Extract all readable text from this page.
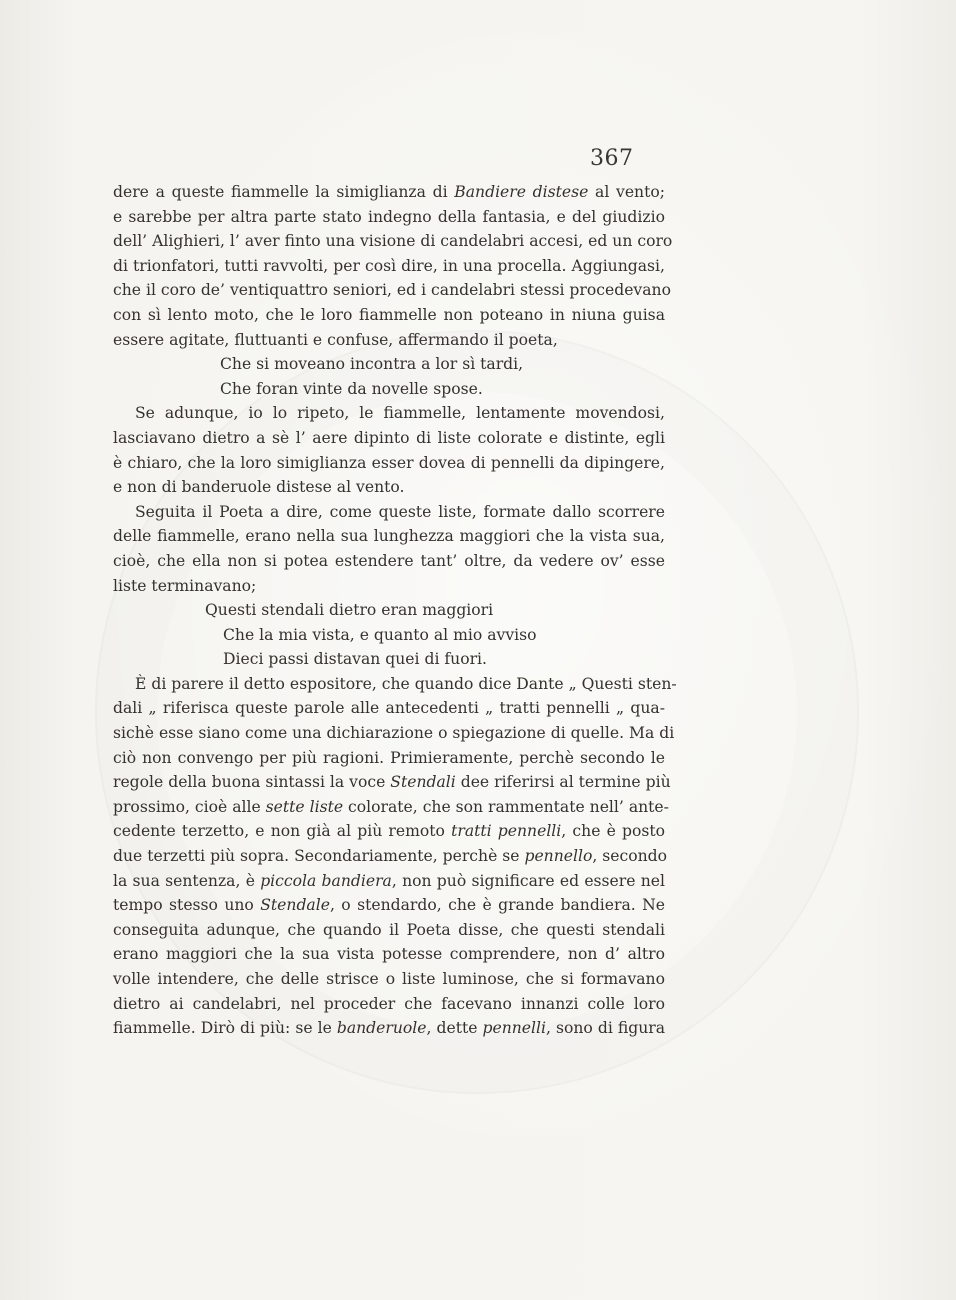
367
dere a queste fiammelle la simiglianza di Bandiere distese al vento;
e sarebbe per altra parte stato indegno della fantasia, e del giudizio
dell’ Alighieri, l’ aver finto una visione di candelabri accesi, ed un coro
di trionfatori, tutti ravvolti, per così dire, in una procella. Aggiungasi,
che il coro de’ ventiquattro seniori, ed i candelabri stessi procedevano
con sì lento moto, che le loro fiammelle non poteano in niuna guisa
essere agitate, fluttuanti e confuse, affermando il poeta,
Che si moveano incontra a lor sì tardi,
Che foran vinte da novelle spose.
Se adunque, io lo ripeto, le fiammelle, lentamente movendosi,
lasciavano dietro a sè l’ aere dipinto di liste colorate e distinte, egli
è chiaro, che la loro simiglianza esser dovea di pennelli da dipingere,
e non di banderuole distese al vento.
Seguita il Poeta a dire, come queste liste, formate dallo scorrere
delle fiammelle, erano nella sua lunghezza maggiori che la vista sua,
cioè, che ella non si potea estendere tant’ oltre, da vedere ov’ esse
liste terminavano;
Questi stendali dietro eran maggiori
Che la mia vista, e quanto al mio avviso
Dieci passi distavan quei di fuori.
È di parere il detto espositore, che quando dice Dante „ Questi sten-
dali „ riferisca queste parole alle antecedenti „ tratti pennelli „ qua-
sichè esse siano come una dichiarazione o spiegazione di quelle. Ma di
ciò non convengo per più ragioni. Primieramente, perchè secondo le
regole della buona sintassi la voce Stendali dee riferirsi al termine più
prossimo, cioè alle sette liste colorate, che son rammentate nell’ ante-
cedente terzetto, e non già al più remoto tratti pennelli, che è posto
due terzetti più sopra. Secondariamente, perchè se pennello, secondo
la sua sentenza, è piccola bandiera, non può significare ed essere nel
tempo stesso uno Stendale, o stendardo, che è grande bandiera. Ne
conseguita adunque, che quando il Poeta disse, che questi stendali
erano maggiori che la sua vista potesse comprendere, non d’ altro
volle intendere, che delle strisce o liste luminose, che si formavano
dietro ai candelabri, nel proceder che facevano innanzi colle loro
fiammelle. Dirò di più: se le banderuole, dette pennelli, sono di figura
